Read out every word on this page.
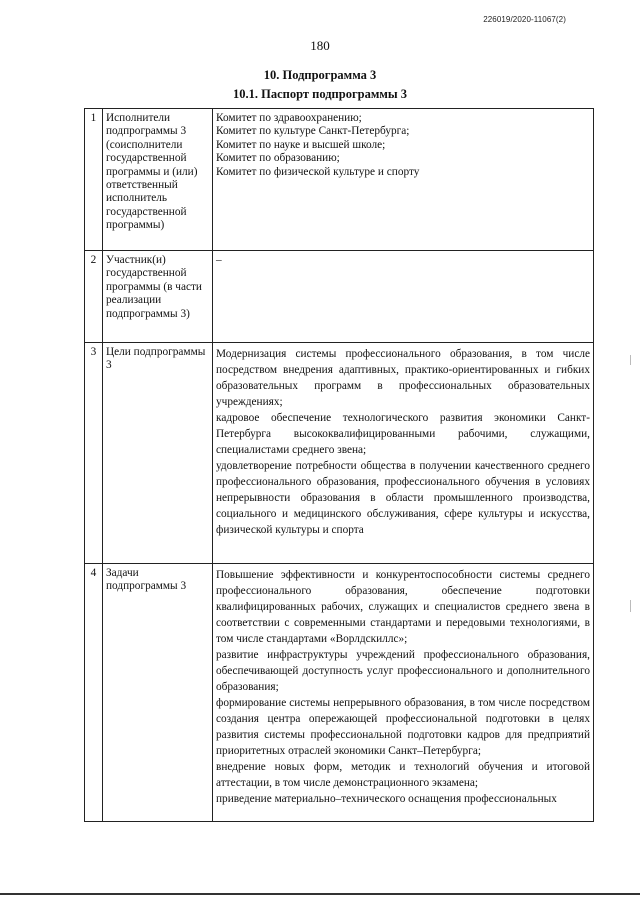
226019/2020-11067(2)
180
10. Подпрограмма 3
10.1. Паспорт подпрограммы 3
1	Исполнители подпрограммы 3 (соисполнители государственной программы и (или) ответственный исполнитель государственной программы)	Комитет по здравоохранению;

Комитет по культуре Санкт-Петербурга;

Комитет по науке и высшей школе;

Комитет по образованию;

Комитет по физической культуре и спорту

2	Участник(и) государственной программы (в части реализации подпрограммы 3)	–

3	Цели подпрограммы 3	Модернизация системы профессионального образования, в том числе посредством внедрения адаптивных, практико-ориентированных и гибких образовательных программ в профессиональных образовательных учреждениях;

кадровое обеспечение технологического развития экономики Санкт-Петербурга высококвалифицированными рабочими, служащими, специалистами среднего звена;

удовлетворение потребности общества в получении качественного среднего профессионального образования, профессионального обучения в условиях непрерывности образования в области промышленного производства, социального и медицинского обслуживания, сфере культуры и искусства, физической культуры и спорта

4	Задачи подпрограммы 3	Повышение эффективности и конкурентоспособности системы среднего профессионального образования, обеспечение подготовки квалифицированных рабочих, служащих и специалистов среднего звена в соответствии с современными стандартами и передовыми технологиями, в том числе стандартами «Ворлдскиллс»;

развитие инфраструктуры учреждений профессионального образования, обеспечивающей доступность услуг профессионального и дополнительного образования;

формирование системы непрерывного образования, в том числе посредством создания центра опережающей профессиональной подготовки в целях развития системы профессиональной подготовки кадров для предприятий приоритетных отраслей экономики Санкт–Петербурга;

внедрение новых форм, методик и технологий обучения и итоговой аттестации, в том числе демонстрационного экзамена;

приведение материально–технического оснащения профессиональных
